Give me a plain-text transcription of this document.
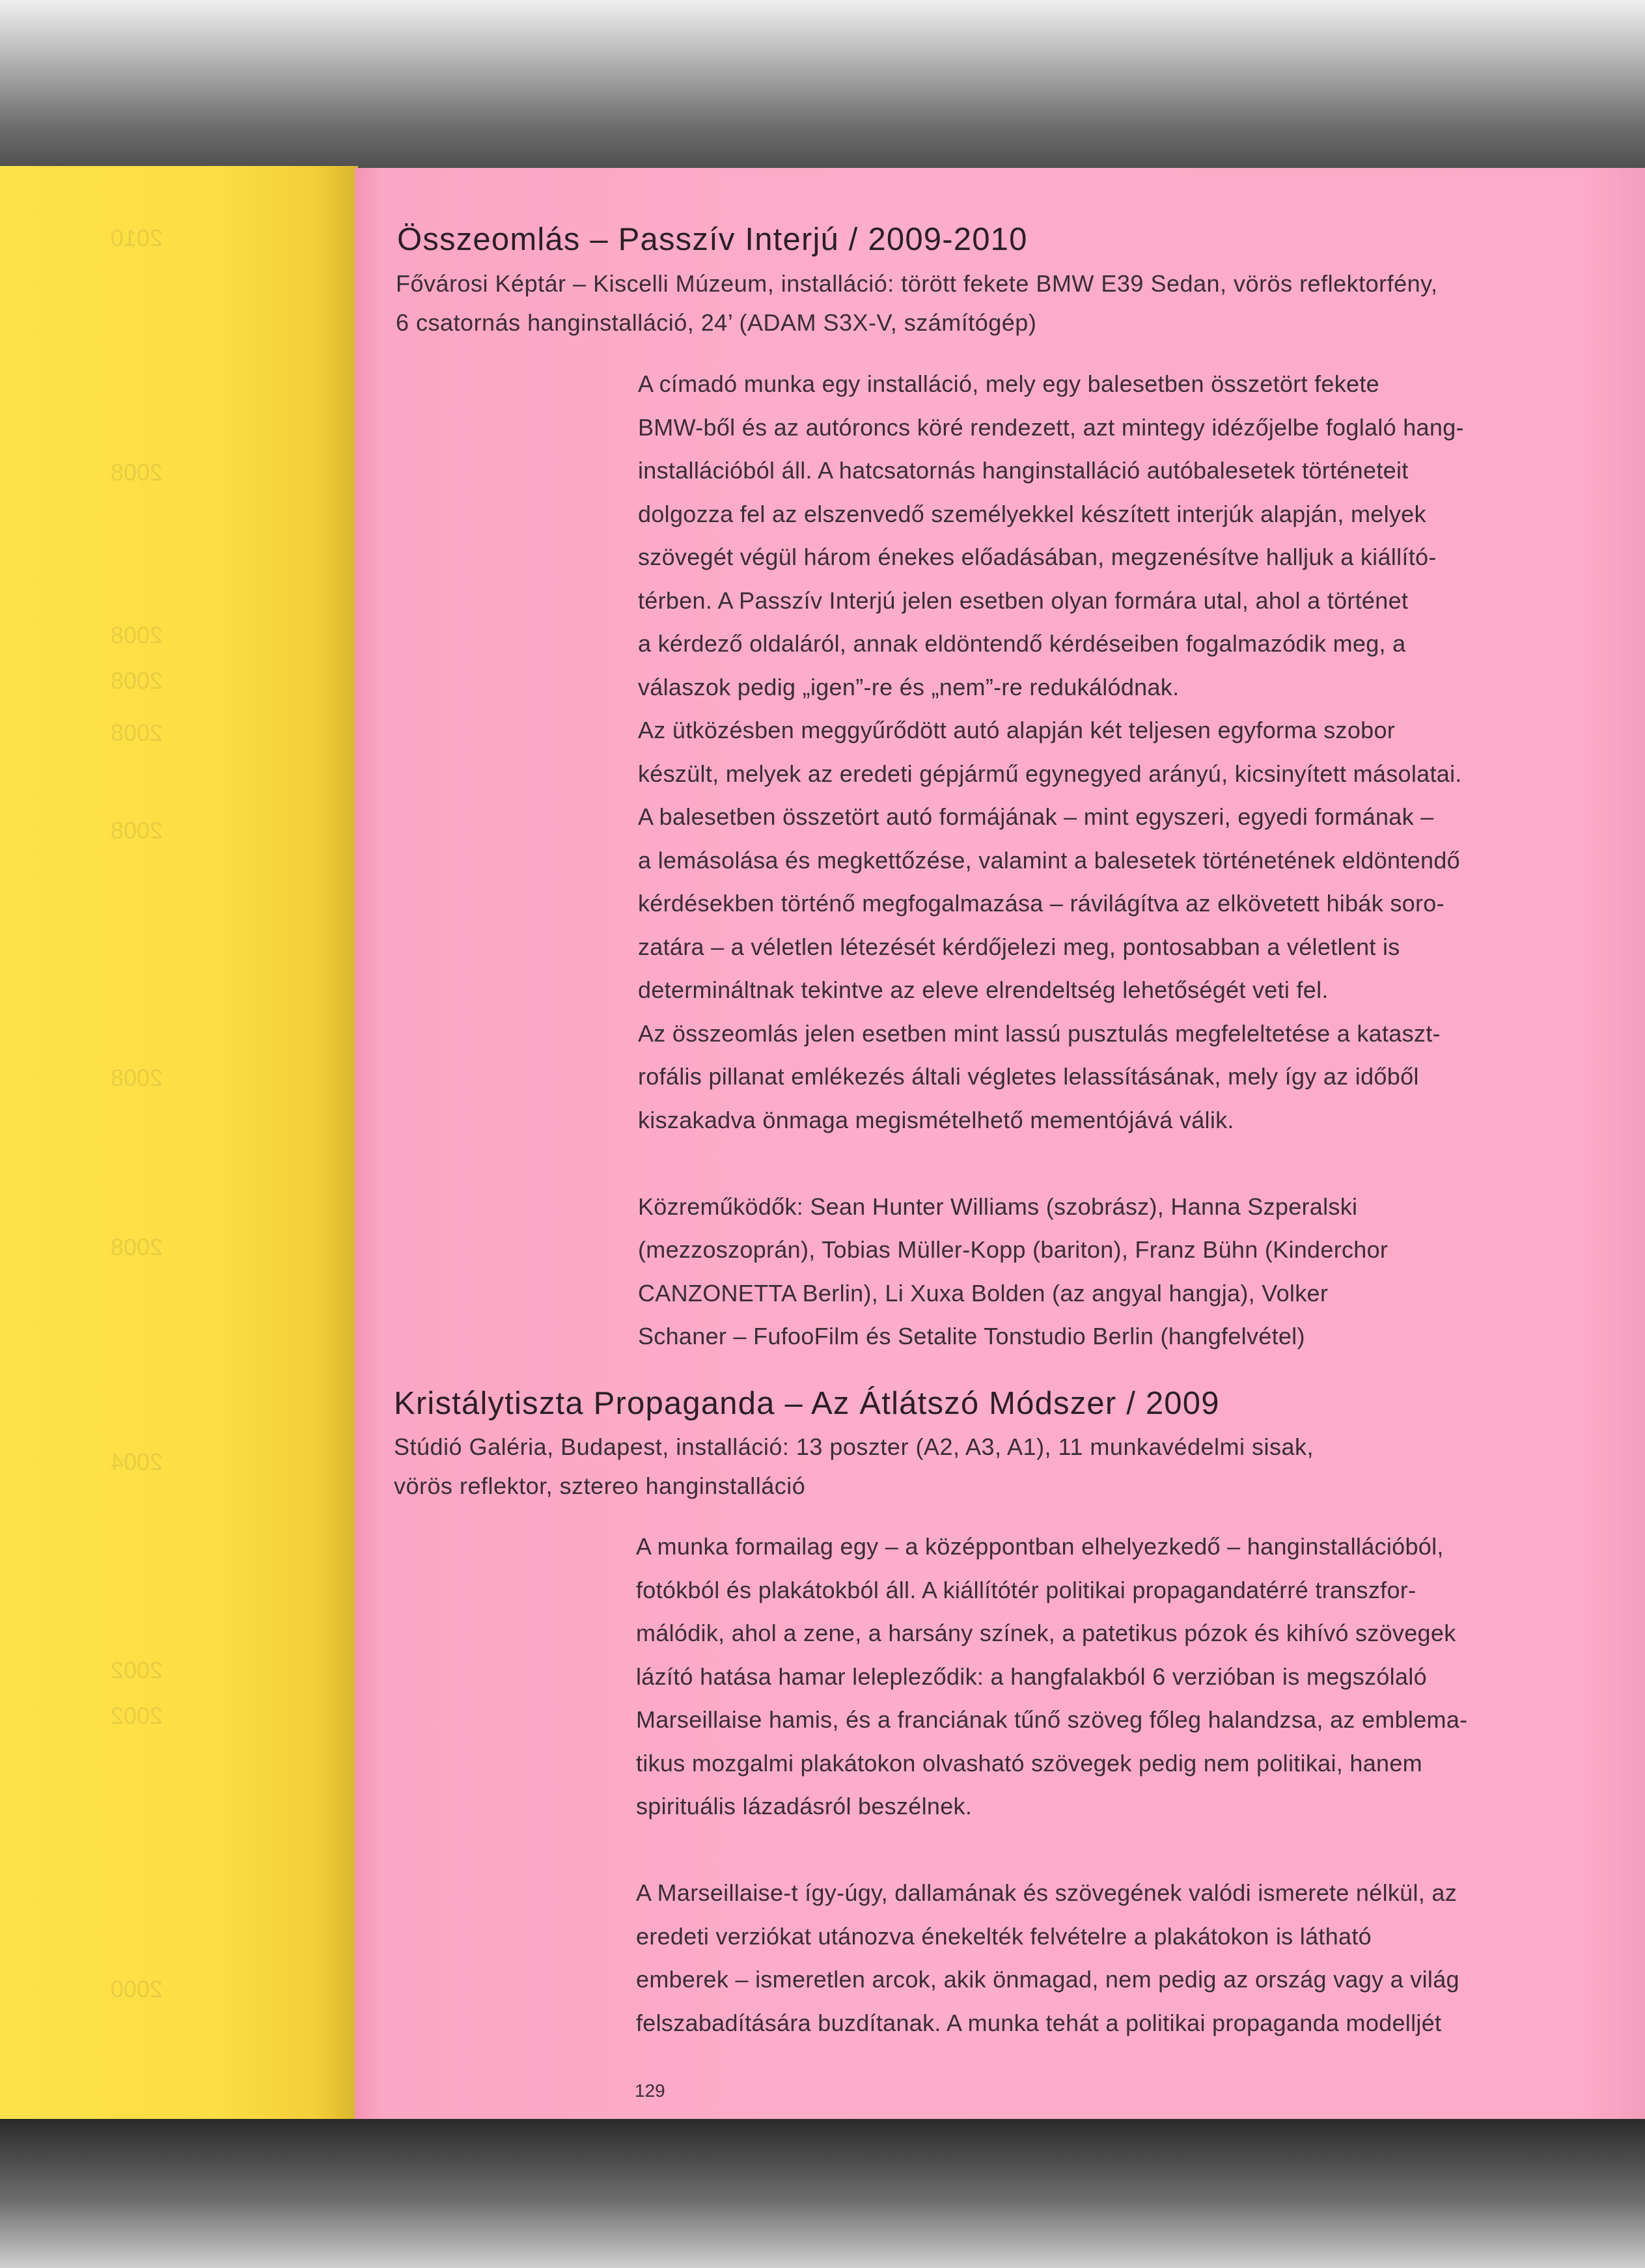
2010
2008
2008
2008
2008
2008
2008
2008
2004
2002
2002
2000
Összeomlás – Passzív Interjú / 2009-2010

Fővárosi Képtár – Kiscelli Múzeum, installáció: törött fekete BMW E39 Sedan, vörös reflektorfény,

6 csatornás hanginstalláció, 24’ (ADAM S3X-V, számítógép)

A címadó munka egy installáció, mely egy balesetben összetört fekete

BMW-ből és az autóroncs köré rendezett, azt mintegy idézőjelbe foglaló hang-

installációból áll. A hatcsatornás hanginstalláció autóbalesetek történeteit

dolgozza fel az elszenvedő személyekkel készített interjúk alapján, melyek

szövegét végül három énekes előadásában, megzenésítve halljuk a kiállító-

térben. A Passzív Interjú jelen esetben olyan formára utal, ahol a történet

a kérdező oldaláról, annak eldöntendő kérdéseiben fogalmazódik meg, a

válaszok pedig „igen”-re és „nem”-re redukálódnak.

Az ütközésben meggyűrődött autó alapján két teljesen egyforma szobor

készült, melyek az eredeti gépjármű egynegyed arányú, kicsinyített másolatai.

A balesetben összetört autó formájának – mint egyszeri, egyedi formának –

a lemásolása és megkettőzése, valamint a balesetek történetének eldöntendő

kérdésekben történő megfogalmazása – rávilágítva az elkövetett hibák soro-

zatára – a véletlen létezését kérdőjelezi meg, pontosabban a véletlent is

determináltnak tekintve az eleve elrendeltség lehetőségét veti fel.

Az összeomlás jelen esetben mint lassú pusztulás megfeleltetése a kataszt-

rofális pillanat emlékezés általi végletes lelassításának, mely így az időből

kiszakadva önmaga megismételhető mementójává válik.

Közreműködők: Sean Hunter Williams (szobrász), Hanna Szperalski

(mezzoszoprán), Tobias Müller-Kopp (bariton), Franz Bühn (Kinderchor

CANZONETTA Berlin), Li Xuxa Bolden (az angyal hangja), Volker

Schaner – FufooFilm és Setalite Tonstudio Berlin (hangfelvétel)

Kristálytiszta Propaganda – Az Átlátszó Módszer / 2009

Stúdió Galéria, Budapest, installáció: 13 poszter (A2, A3, A1), 11 munkavédelmi sisak,

vörös reflektor, sztereo hanginstalláció

A munka formailag egy – a középpontban elhelyezkedő – hanginstallációból,

fotókból és plakátokból áll. A kiállítótér politikai propagandatérré transzfor-

málódik, ahol a zene, a harsány színek, a patetikus pózok és kihívó szövegek

lázító hatása hamar lelepleződik: a hangfalakból 6 verzióban is megszólaló

Marseillaise hamis, és a franciának tűnő szöveg főleg halandzsa, az emblema-

tikus mozgalmi plakátokon olvasható szövegek pedig nem politikai, hanem

spirituális lázadásról beszélnek.

A Marseillaise-t így-úgy, dallamának és szövegének valódi ismerete nélkül, az

eredeti verziókat utánozva énekelték felvételre a plakátokon is látható

emberek – ismeretlen arcok, akik önmagad, nem pedig az ország vagy a világ

felszabadítására buzdítanak. A munka tehát a politikai propaganda modelljét

129
